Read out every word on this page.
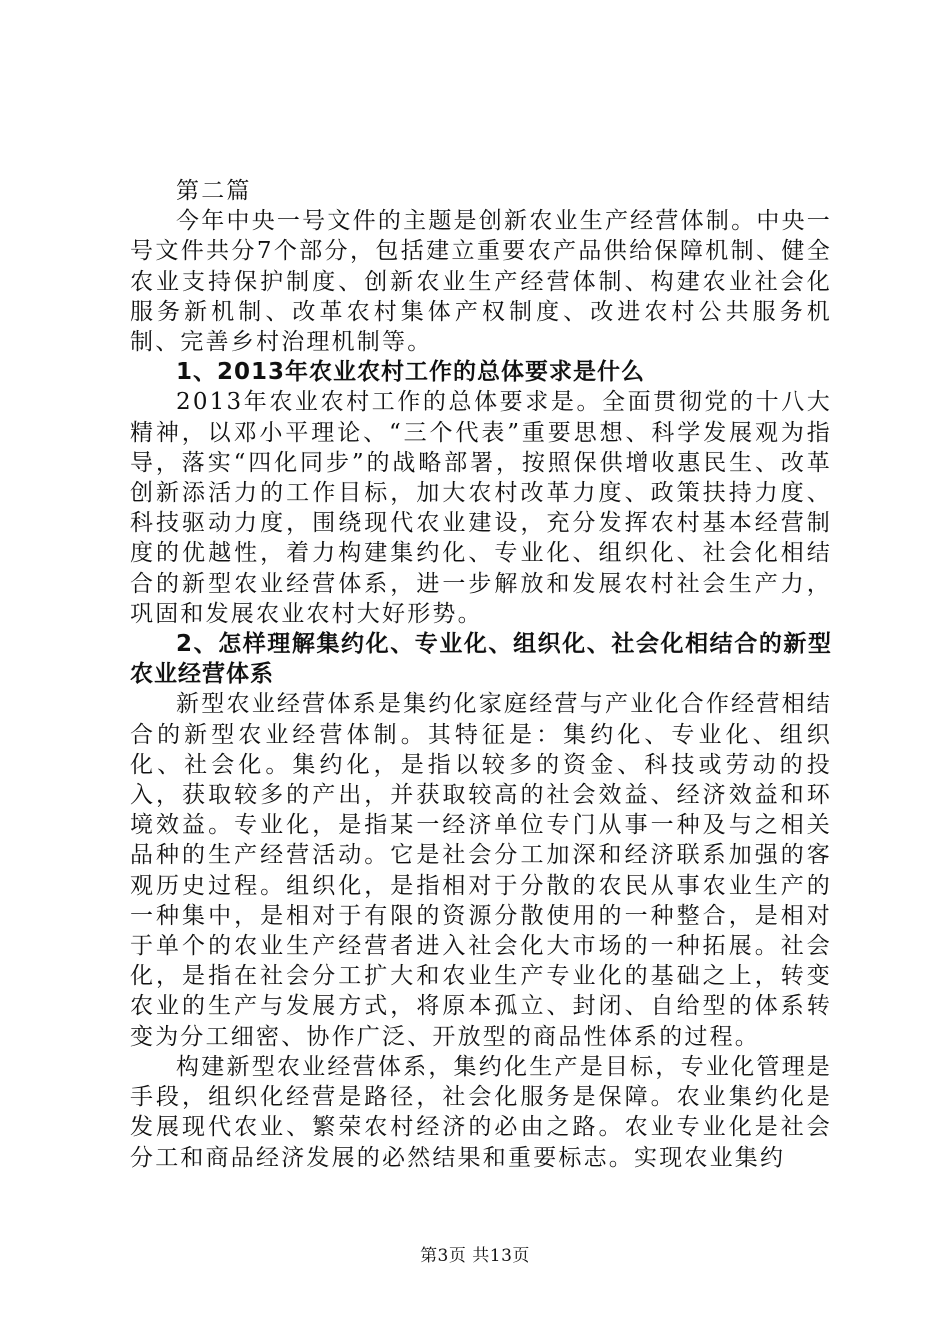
第二篇

今年中央一号文件的主题是创新农业生产经营体制。中央一号文件共分7个部分，包括建立重要农产品供给保障机制、健全农业支持保护制度、创新农业生产经营体制、构建农业社会化服务新机制、改革农村集体产权制度、改进农村公共服务机制、完善乡村治理机制等。

1、2013年农业农村工作的总体要求是什么

2013年农业农村工作的总体要求是。全面贯彻党的十八大精神，以邓小平理论、“三个代表”重要思想、科学发展观为指导，落实“四化同步”的战略部署，按照保供增收惠民生、改革创新添活力的工作目标，加大农村改革力度、政策扶持力度、科技驱动力度，围绕现代农业建设，充分发挥农村基本经营制度的优越性，着力构建集约化、专业化、组织化、社会化相结合的新型农业经营体系，进一步解放和发展农村社会生产力，巩固和发展农业农村大好形势。

2、怎样理解集约化、专业化、组织化、社会化相结合的新型农业经营体系

新型农业经营体系是集约化家庭经营与产业化合作经营相结合的新型农业经营体制。其特征是：集约化、专业化、组织化、社会化。集约化，是指以较多的资金、科技或劳动的投入，获取较多的产出，并获取较高的社会效益、经济效益和环境效益。专业化，是指某一经济单位专门从事一种及与之相关品种的生产经营活动。它是社会分工加深和经济联系加强的客观历史过程。组织化，是指相对于分散的农民从事农业生产的一种集中，是相对于有限的资源分散使用的一种整合，是相对于单个的农业生产经营者进入社会化大市场的一种拓展。社会化，是指在社会分工扩大和农业生产专业化的基础之上，转变农业的生产与发展方式，将原本孤立、封闭、自给型的体系转变为分工细密、协作广泛、开放型的商品性体系的过程。

构建新型农业经营体系，集约化生产是目标，专业化管理是手段，组织化经营是路径，社会化服务是保障。农业集约化是发展现代农业、繁荣农村经济的必由之路。农业专业化是社会分工和商品经济发展的必然结果和重要标志。实现农业集约

第3页 共13页
